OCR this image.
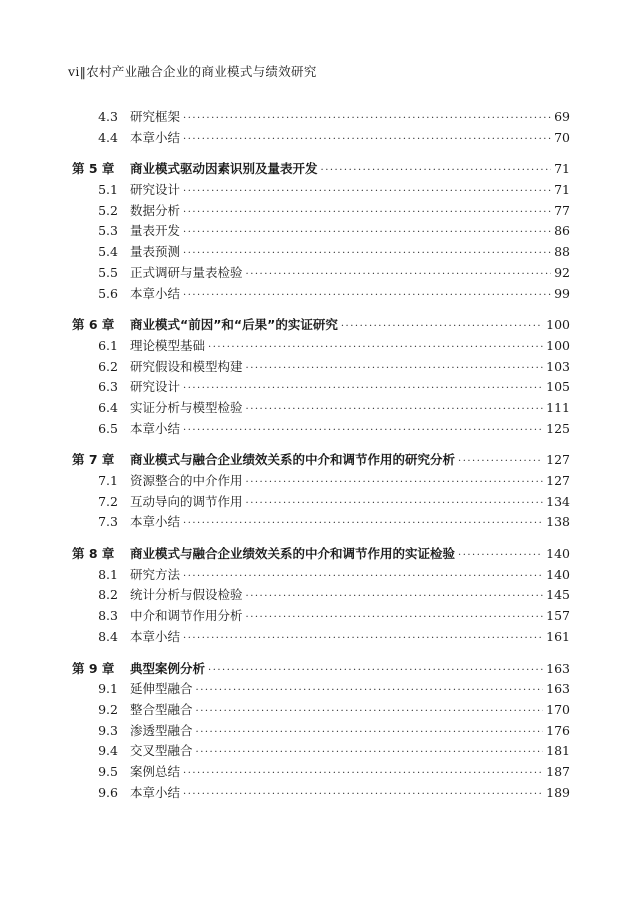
vi‖农村产业融合企业的商业模式与绩效研究
4.3 研究框架 ·····	69
4.4 本章小结 ·····	70
第 5 章	商业模式驱动因素识别及量表开发 ·····	71
5.1 研究设计 ·····	71
5.2 数据分析 ·····	77
5.3 量表开发 ·····	86
5.4 量表预测 ·····	88
5.5 正式调研与量表检验 ·····	92
5.6 本章小结 ·····	99
第 6 章	商业模式“前因”和“后果”的实证研究 ·····	100
6.1 理论模型基础 ·····	100
6.2 研究假设和模型构建 ·····	103
6.3 研究设计 ·····	105
6.4 实证分析与模型检验 ·····	111
6.5 本章小结 ·····	125
第 7 章	商业模式与融合企业绩效关系的中介和调节作用的研究分析 ·····	127
7.1 资源整合的中介作用 ·····	127
7.2 互动导向的调节作用 ·····	134
7.3 本章小结 ·····	138
第 8 章	商业模式与融合企业绩效关系的中介和调节作用的实证检验 ·····	140
8.1 研究方法 ·····	140
8.2 统计分析与假设检验 ·····	145
8.3 中介和调节作用分析 ·····	157
8.4 本章小结 ·····	161
第 9 章	典型案例分析 ·····	163
9.1 延伸型融合 ·····	163
9.2 整合型融合 ·····	170
9.3 渗透型融合 ·····	176
9.4 交叉型融合 ·····	181
9.5 案例总结 ·····	187
9.6 本章小结 ·····	189
